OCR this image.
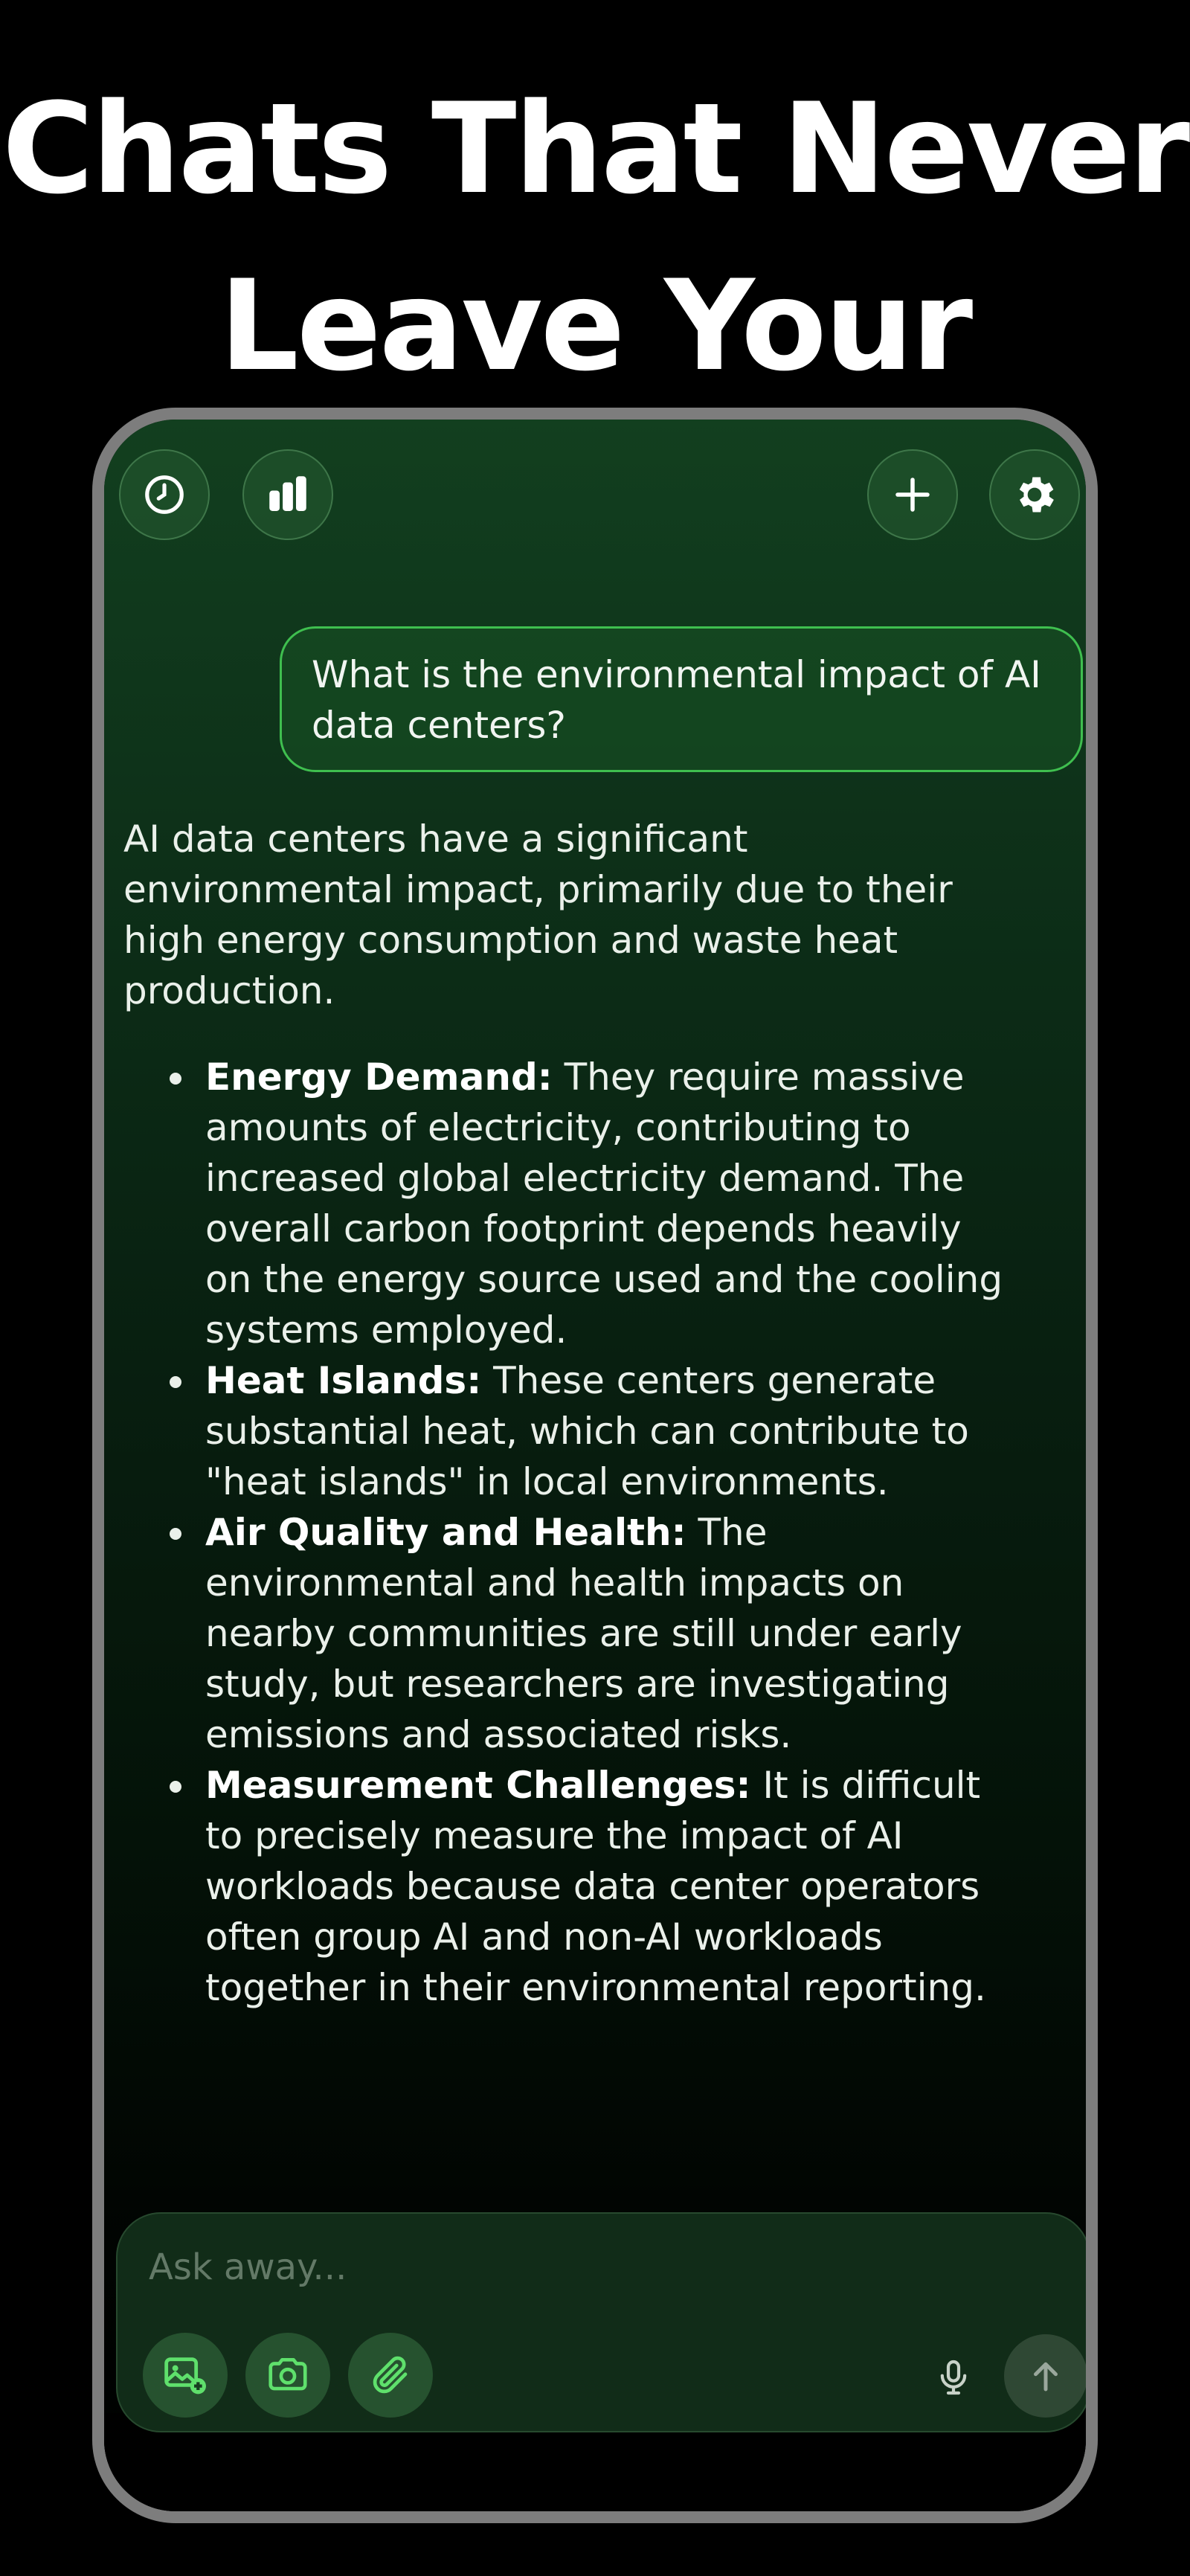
Chats That Never
Leave Your
What is the environmental impact of AI data centers?

AI data centers have a significant environmental impact, primarily due to their high energy consumption and waste heat production.

Energy Demand: They require massive amounts of electricity, contributing to increased global electricity demand. The overall carbon footprint depends heavily on the energy source used and the cooling systems employed.
Heat Islands: These centers generate substantial heat, which can contribute to "heat islands" in local environments.
Air Quality and Health: The environmental and health impacts on nearby communities are still under early study, but researchers are investigating emissions and associated risks.
Measurement Challenges: It is difficult to precisely measure the impact of AI workloads because data center operators often group AI and non-AI workloads together in their environmental reporting.
Ask away...
